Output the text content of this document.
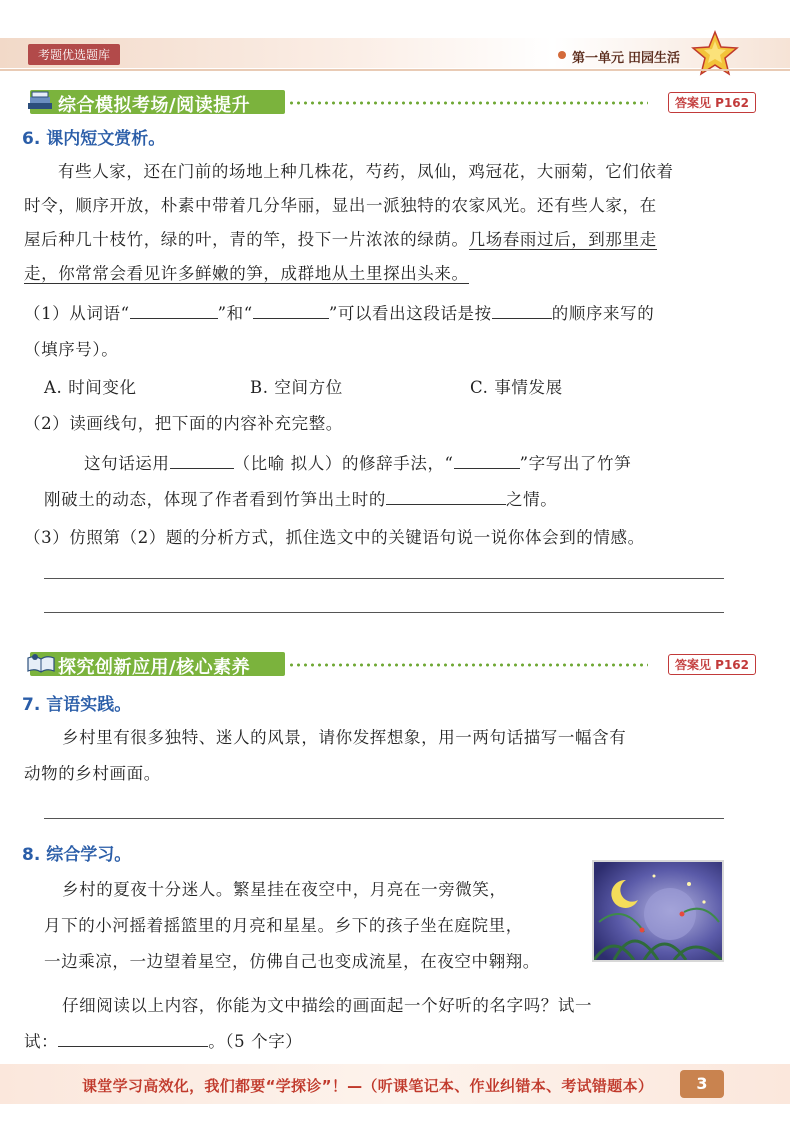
考题优选题库	第一单元 田园生活
综合模拟考场/阅读提升	答案见 P162
6. 课内短文赏析。
有些人家，还在门前的场地上种几株花，芍药，凤仙，鸡冠花，大丽菊，它们依着
时令，顺序开放，朴素中带着几分华丽，显出一派独特的农家风光。还有些人家，在
屋后种几十枝竹，绿的叶，青的竿，投下一片浓浓的绿荫。几场春雨过后，到那里走
走，你常常会看见许多鲜嫩的笋，成群地从土里探出头来。
（1）从词语“	”和“	”可以看出这段话是按	的顺序来写的
（填序号）。
A. 时间变化	B. 空间方位	C. 事情发展
（2）读画线句，把下面的内容补充完整。
这句话运用	（比喻 拟人）的修辞手法，“	”字写出了竹笋
刚破土的动态，体现了作者看到竹笋出土时的	之情。
（3）仿照第（2）题的分析方式，抓住选文中的关键语句说一说你体会到的情感。
探究创新应用/核心素养	答案见 P162
7. 言语实践。
乡村里有很多独特、迷人的风景，请你发挥想象，用一两句话描写一幅含有
动物的乡村画面。
8. 综合学习。
乡村的夏夜十分迷人。繁星挂在夜空中，月亮在一旁微笑，
月下的小河摇着摇篮里的月亮和星星。乡下的孩子坐在庭院里，
一边乘凉，一边望着星空，仿佛自己也变成流星，在夜空中翱翔。
仔细阅读以上内容，你能为文中描绘的画面起一个好听的名字吗？试一
试：	。（5 个字）
课堂学习高效化，我们都要“学探诊”！—（听课笔记本、作业纠错本、考试错题本）	3
